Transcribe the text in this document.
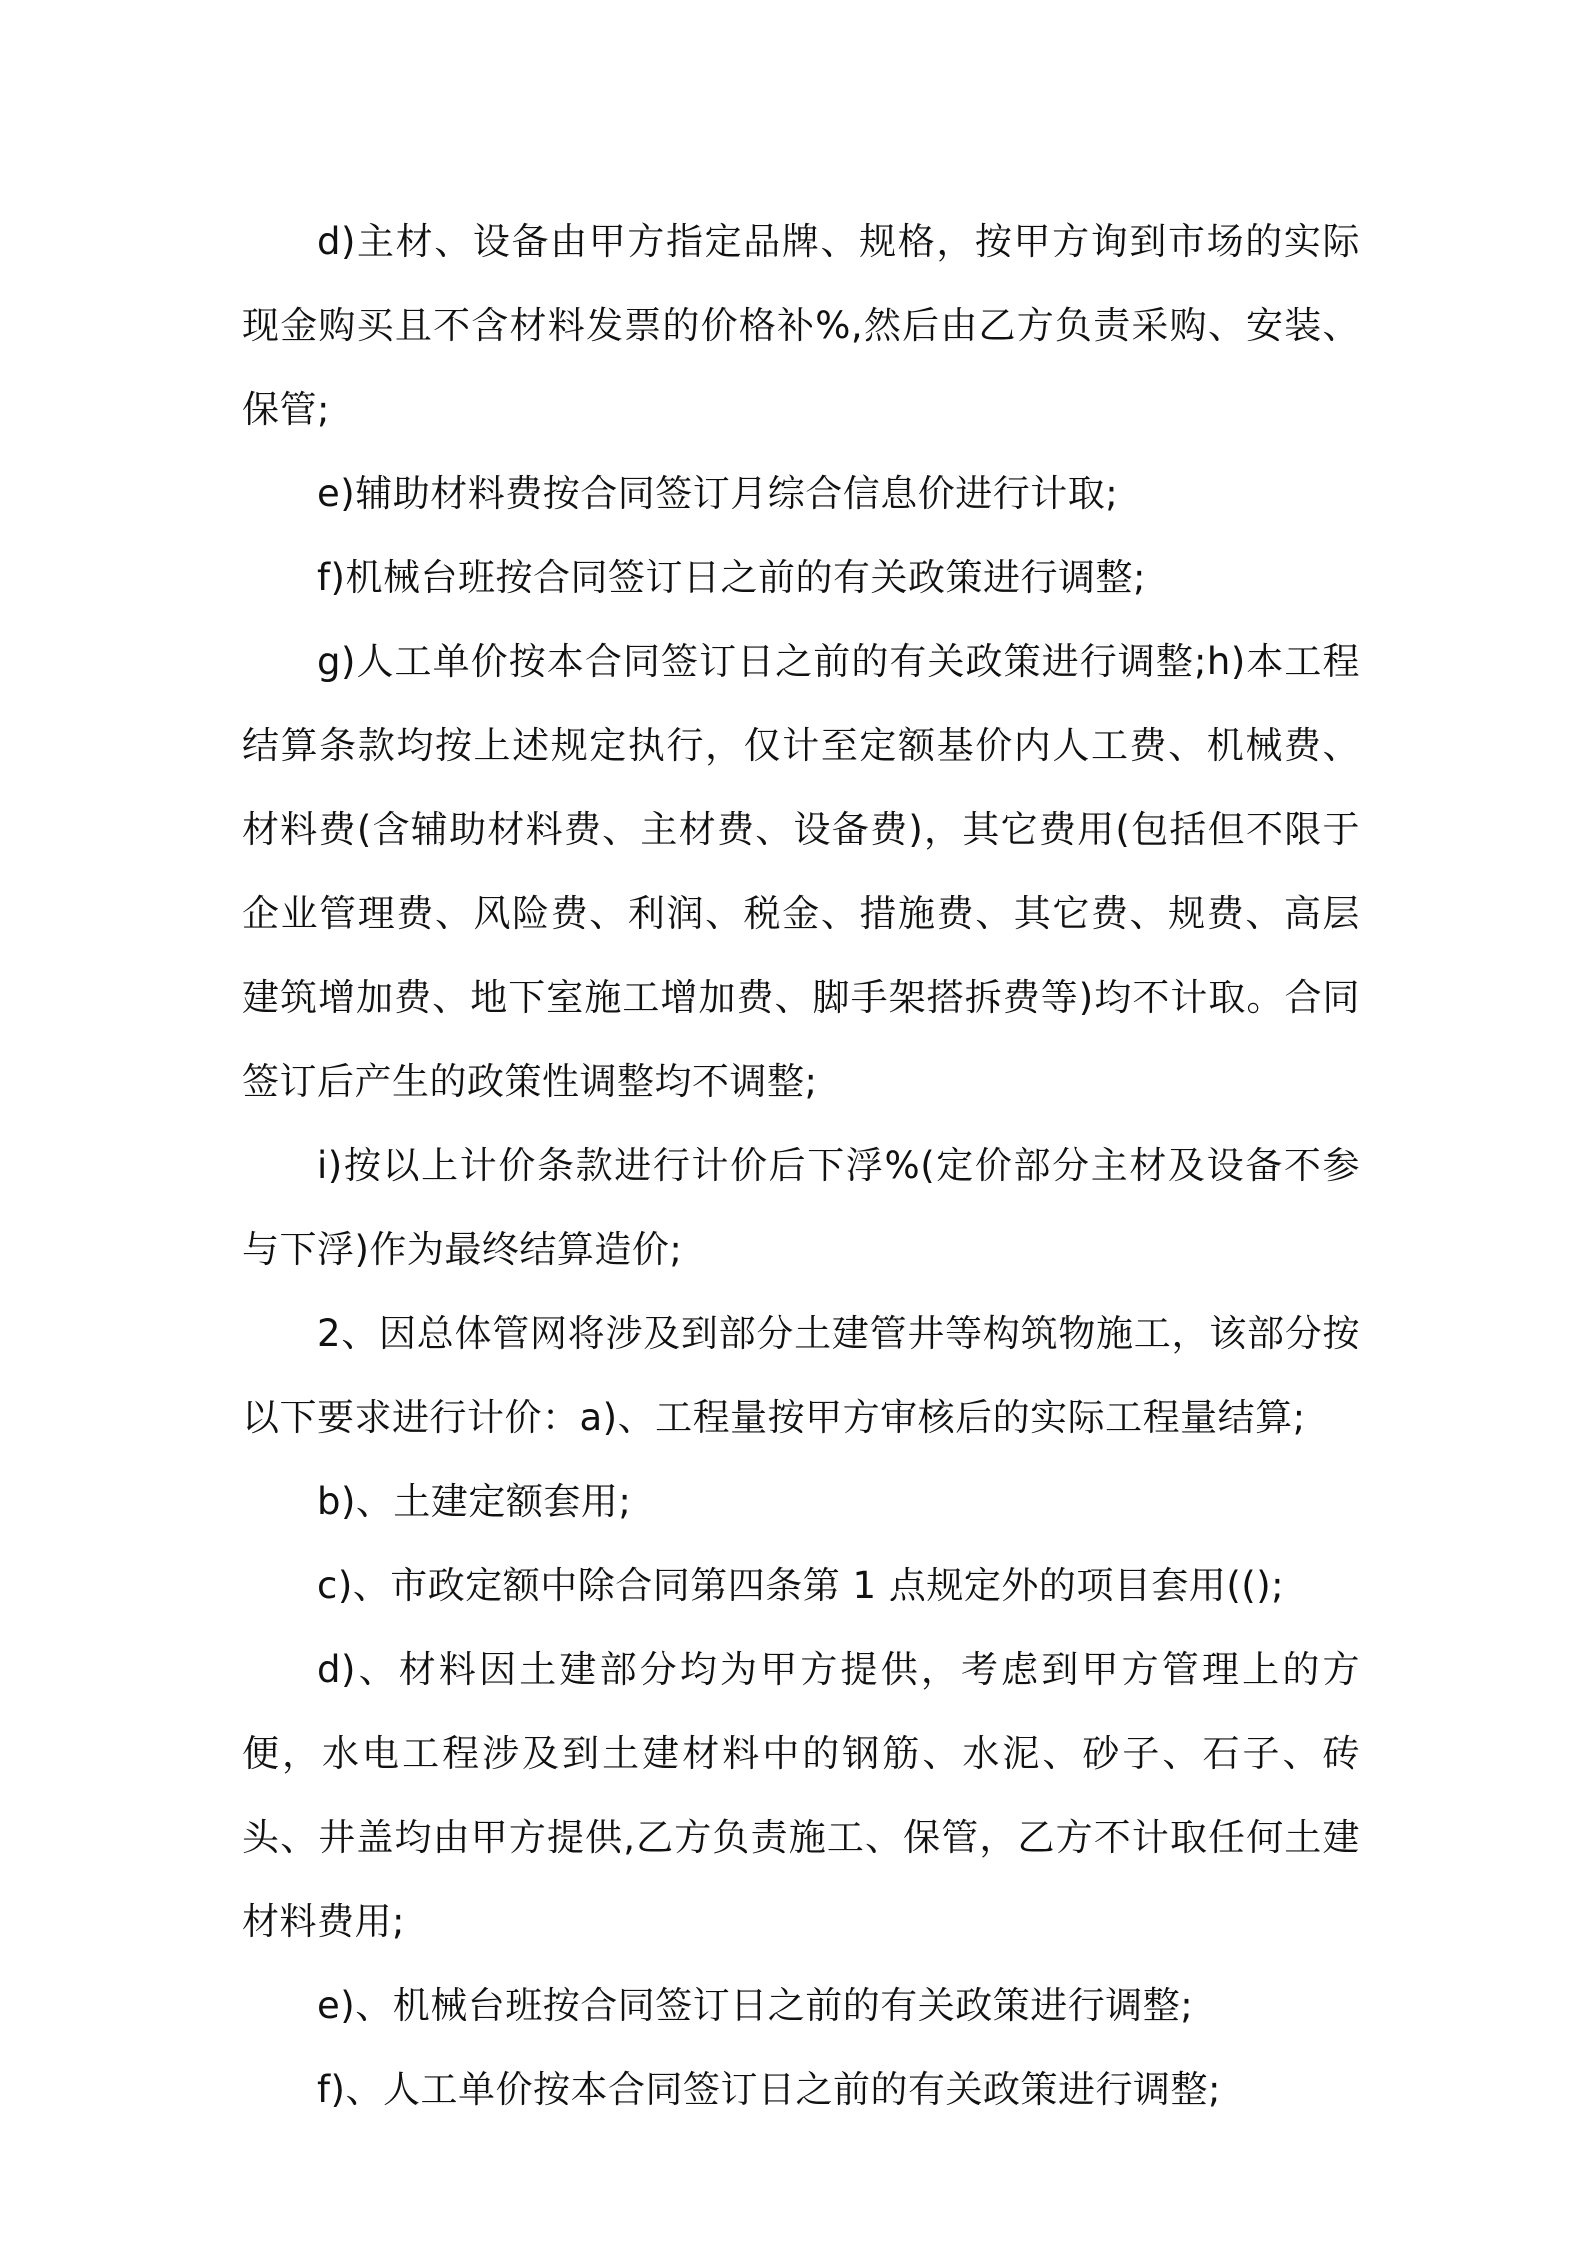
d)主材、设备由甲方指定品牌、规格，按甲方询到市场的实际现金购买且不含材料发票的价格补%,然后由乙方负责采购、安装、保管;

e)辅助材料费按合同签订月综合信息价进行计取;

f)机械台班按合同签订日之前的有关政策进行调整;

g)人工单价按本合同签订日之前的有关政策进行调整;h)本工程结算条款均按上述规定执行，仅计至定额基价内人工费、机械费、材料费(含辅助材料费、主材费、设备费)，其它费用(包括但不限于企业管理费、风险费、利润、税金、措施费、其它费、规费、高层建筑增加费、地下室施工增加费、脚手架搭拆费等)均不计取。合同签订后产生的政策性调整均不调整;

i)按以上计价条款进行计价后下浮%(定价部分主材及设备不参与下浮)作为最终结算造价;

2、因总体管网将涉及到部分土建管井等构筑物施工，该部分按以下要求进行计价：a)、工程量按甲方审核后的实际工程量结算;

b)、土建定额套用;

c)、市政定额中除合同第四条第 1 点规定外的项目套用(();

d)、材料因土建部分均为甲方提供，考虑到甲方管理上的方便，水电工程涉及到土建材料中的钢筋、水泥、砂子、石子、砖头、井盖均由甲方提供,乙方负责施工、保管，乙方不计取任何土建材料费用;

e)、机械台班按合同签订日之前的有关政策进行调整;

f)、人工单价按本合同签订日之前的有关政策进行调整;
